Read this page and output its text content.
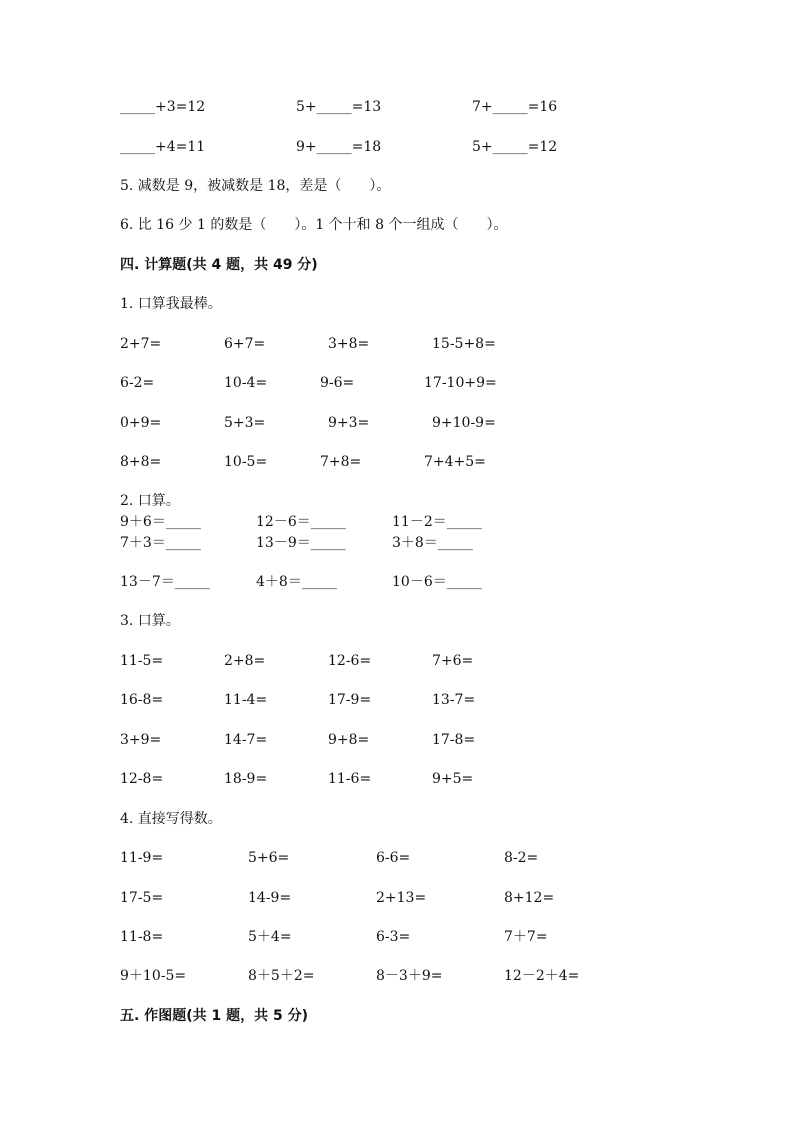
_____+3=12	5+_____=13	7+_____=16
_____+4=11	9+_____=18	5+_____=12
5. 减数是 9，被减数是 18，差是（　　）。
6. 比 16 少 1 的数是（　　）。1 个十和 8 个一组成（　　）。
四. 计算题(共 4 题，共 49 分)
1. 口算我最棒。
2+7=	6+7=	3+8=	15-5+8=
6-2=	10-4=	9-6=	17-10+9=
0+9=	5+3=	9+3=	9+10-9=
8+8=	10-5=	7+8=	7+4+5=
2. 口算。
9＋6＝_____	12－6＝_____	11－2＝_____
7＋3＝_____	13－9＝_____	3＋8＝_____
13－7＝_____	4＋8＝_____	10－6＝_____
3. 口算。
11-5=	2+8=	12-6=	7+6=
16-8=	11-4=	17-9=	13-7=
3+9=	14-7=	9+8=	17-8=
12-8=	18-9=	11-6=	9+5=
4. 直接写得数。
11-9=	5+6=	6-6=	8-2=
17-5=	14-9=	2+13=	8+12=
11-8=	5＋4=	6-3=	7＋7=
9＋10-5=	8＋5＋2=	8－3＋9=	12－2＋4=
五. 作图题(共 1 题，共 5 分)
